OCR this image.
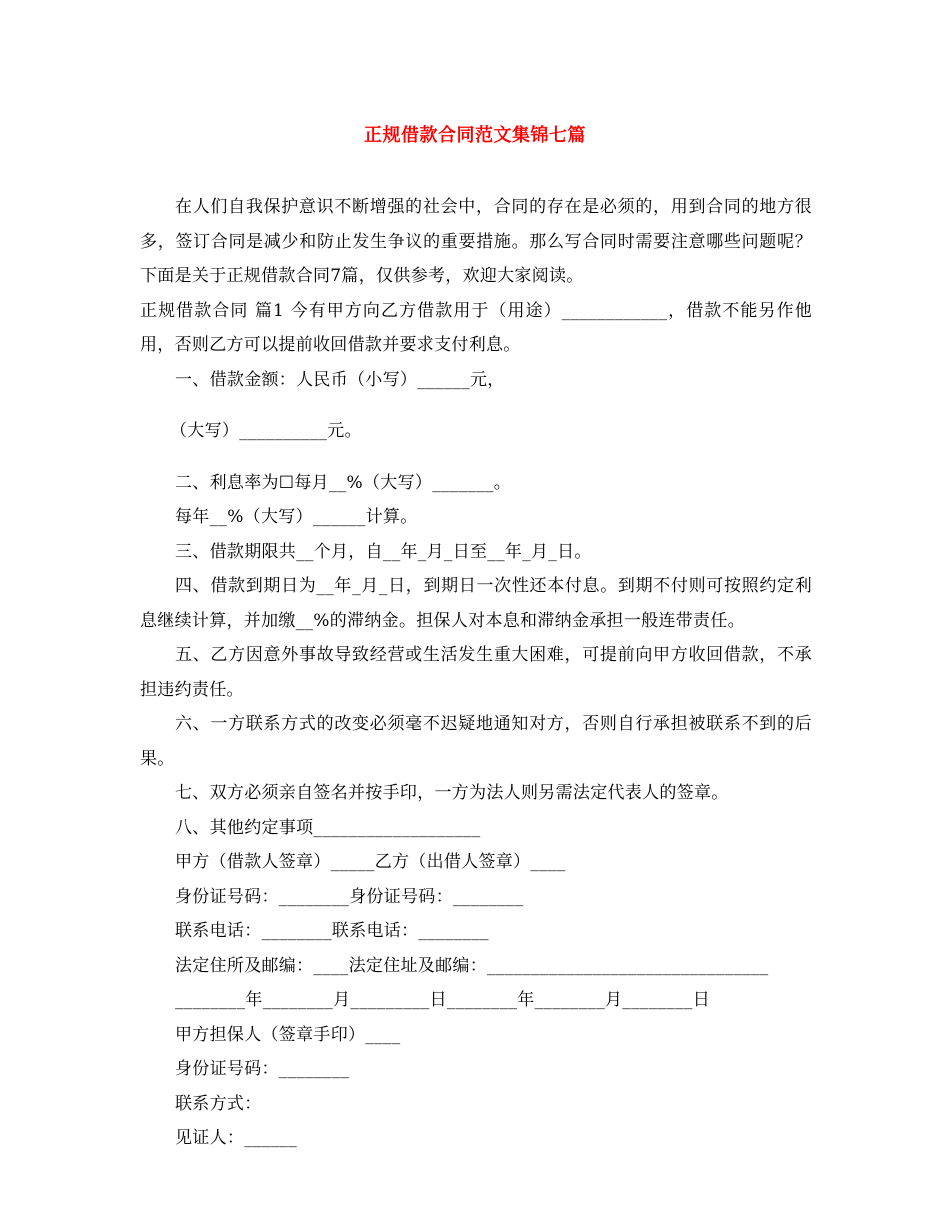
正规借款合同范文集锦七篇

在人们自我保护意识不断增强的社会中，合同的存在是必须的，用到合同的地方很多，签订合同是减少和防止发生争议的重要措施。那么写合同时需要注意哪些问题呢？下面是关于正规借款合同7篇，仅供参考，欢迎大家阅读。

正规借款合同 篇1 今有甲方向乙方借款用于（用途）____________，借款不能另作他用，否则乙方可以提前收回借款并要求支付利息。

一、借款金额：人民币（小写）______元，

（大写）__________元。

二、利息率为☐每月__%（大写）_______。

每年__%（大写）______计算。

三、借款期限共__个月，自__年_月_日至__年_月_日。

四、借款到期日为__年_月_日，到期日一次性还本付息。到期不付则可按照约定利息继续计算，并加缴__%的滞纳金。担保人对本息和滞纳金承担一般连带责任。

五、乙方因意外事故导致经营或生活发生重大困难，可提前向甲方收回借款，不承担违约责任。

六、一方联系方式的改变必须毫不迟疑地通知对方，否则自行承担被联系不到的后果。

七、双方必须亲自签名并按手印，一方为法人则另需法定代表人的签章。

八、其他约定事项___________________

甲方（借款人签章）_____乙方（出借人签章）____

身份证号码：________身份证号码：________

联系电话：________联系电话：________

法定住所及邮编：____法定住址及邮编：________________________________

________年________月_________日________年________月________日

甲方担保人（签章手印）____

身份证号码：________

联系方式：

见证人：______
